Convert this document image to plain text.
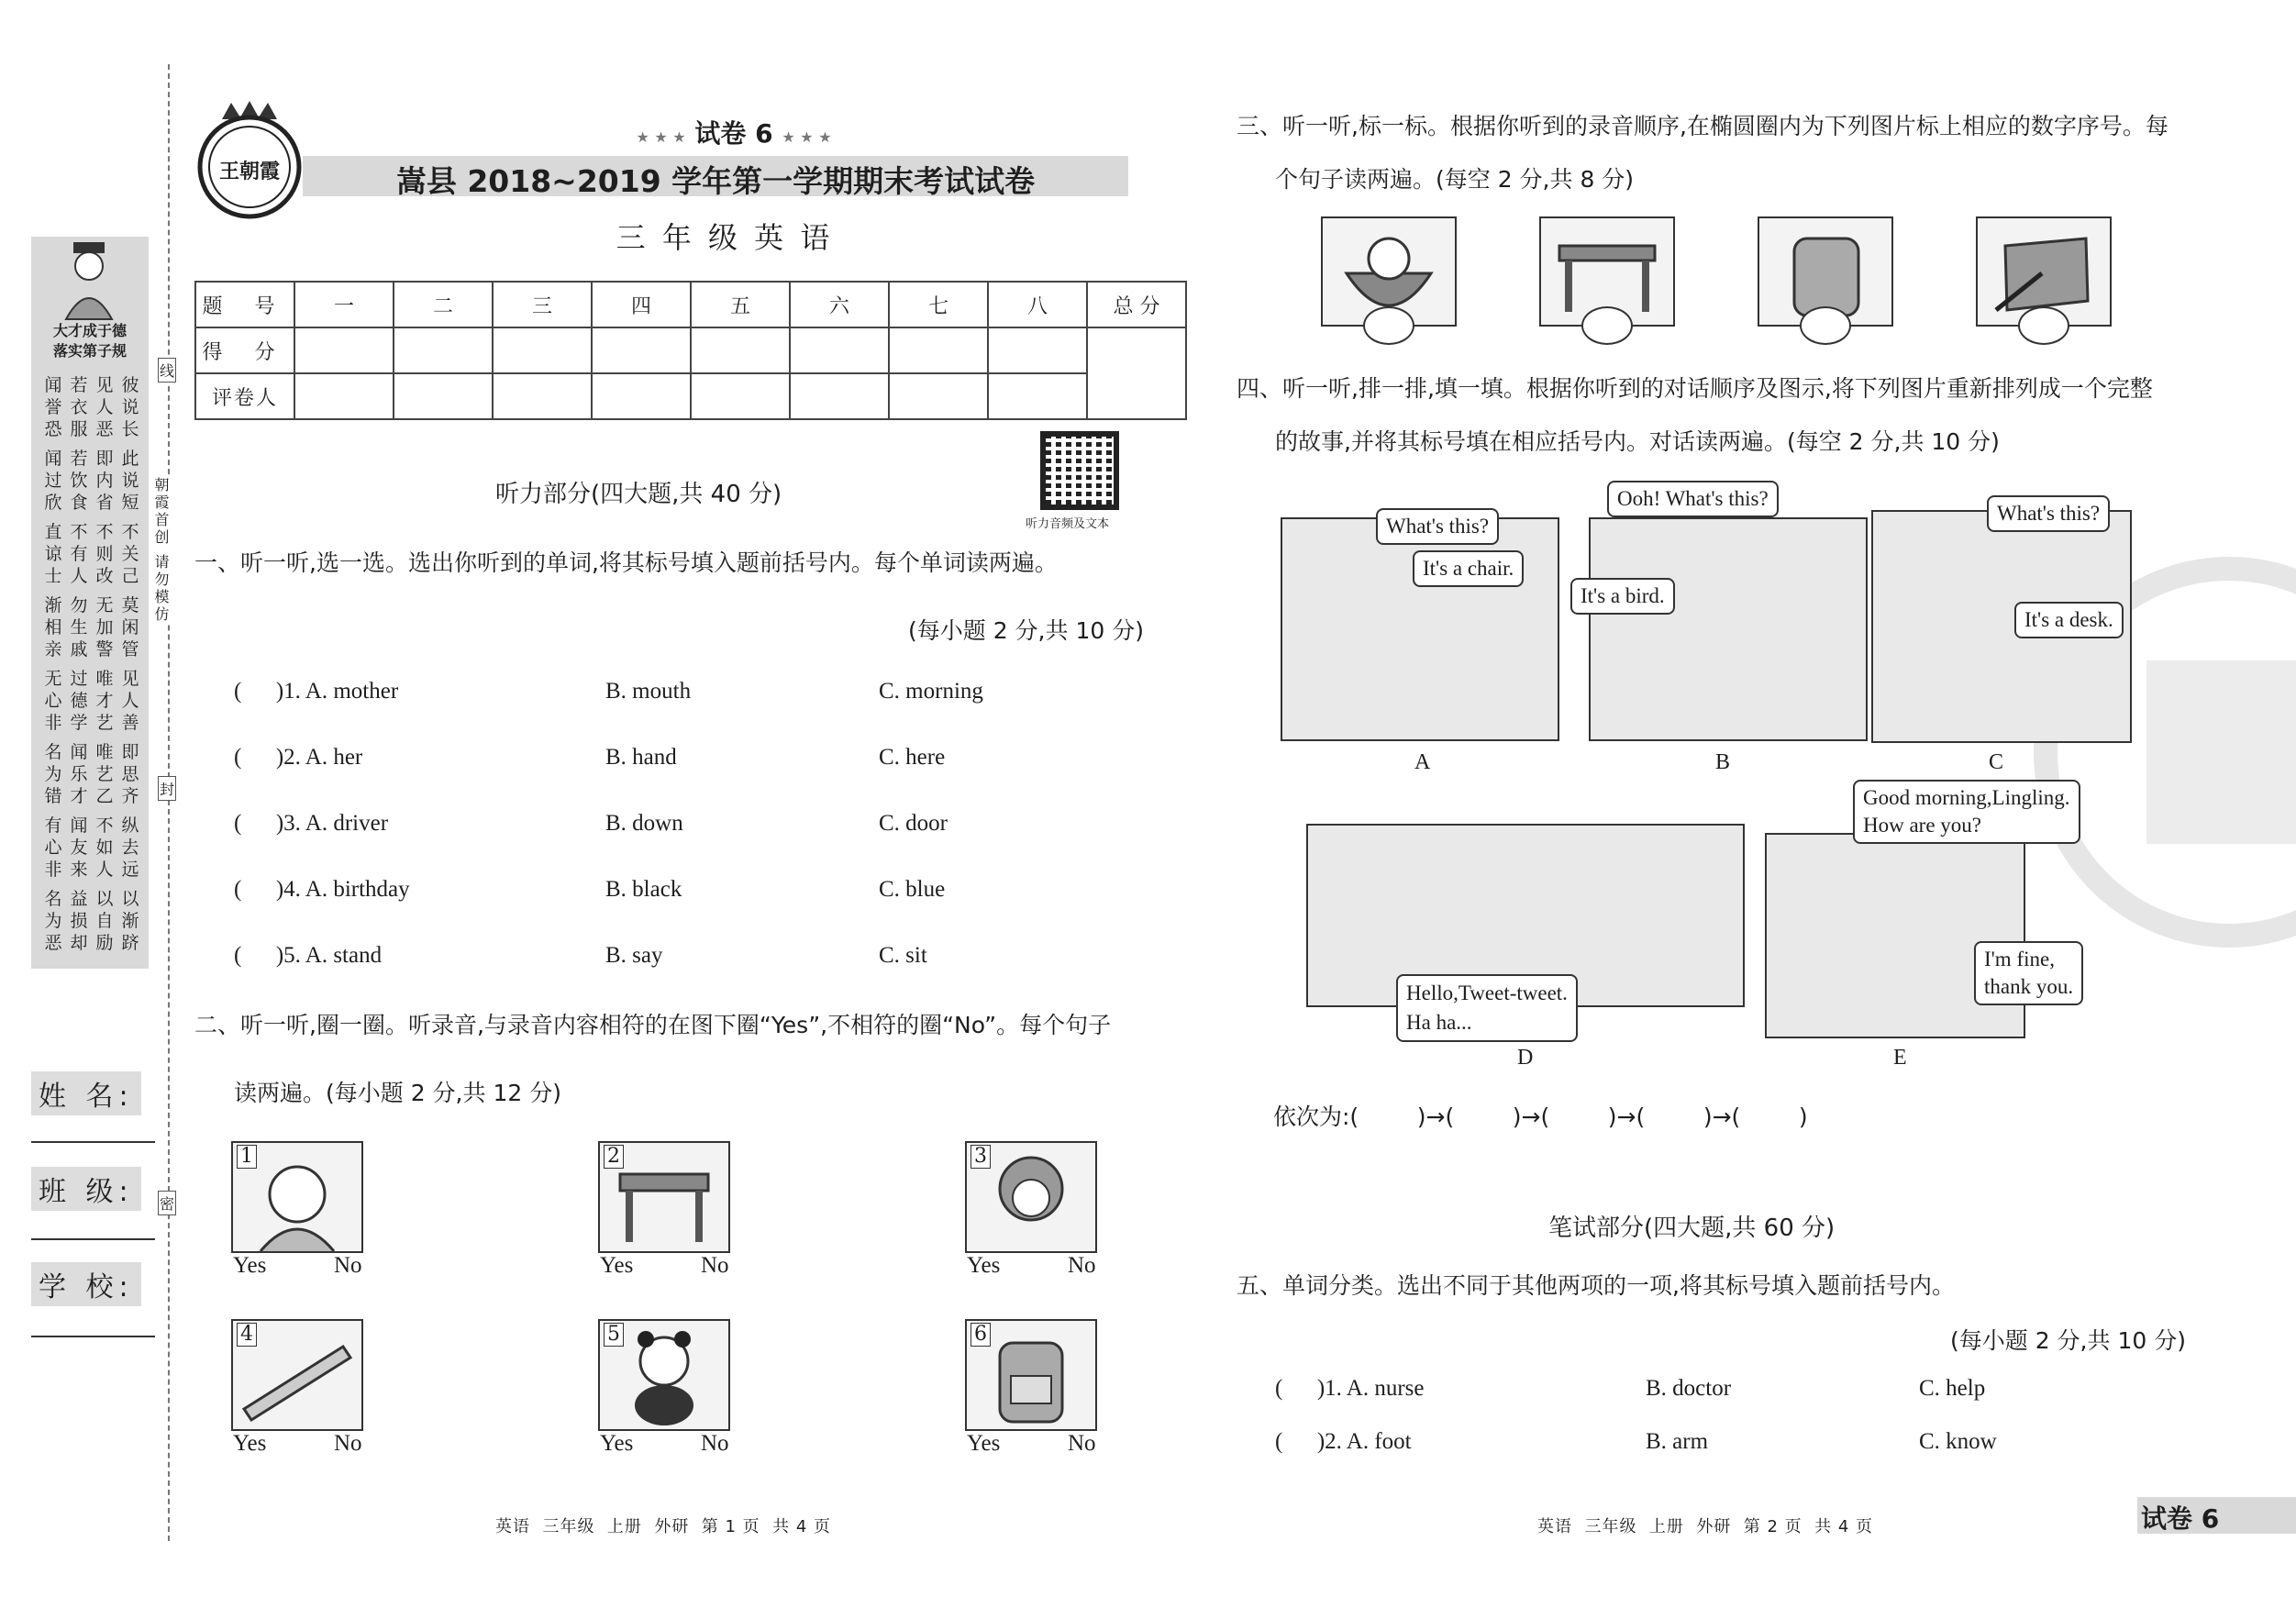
大才成于德
落实第子规
闻誉恐
若衣服
见人恶
彼说长
闻过欣
若饮食
即内省
此说短
直谅士
不有人
不则改
不关己
渐相亲
勿生戚
无加警
莫闲管
无心非
过德学
唯才艺
见人善
名为错
闻乐才
唯艺乙
即思齐
有心非
闻友来
不如人
纵去远
名为恶
益损却
以自励
以渐跻
朝霞首创 请勿模仿
线
封
密
姓 名:
班 级:
学 校:
王朝霞
★ ★ ★ 试卷 6 ★ ★ ★
嵩县 2018~2019 学年第一学期期末考试试卷
三 年 级 英 语
题 号	一	二	三	四	五	六	七	八	总 分
得 分									
评卷人									
听力音频及文本
听力部分(四大题,共 40 分)
一、听一听,选一选。选出你听到的单词,将其标号填入题前括号内。每个单词读两遍。
(每小题 2 分,共 10 分)
(      )1. A. mother	B. mouth	C. morning
(      )2. A. her	B. hand	C. here
(      )3. A. driver	B. down	C. door
(      )4. A. birthday	B. black	C. blue
(      )5. A. stand	B. say	C. sit
二、听一听,圈一圈。听录音,与录音内容相符的在图下圈“Yes”,不相符的圈“No”。每个句子
读两遍。(每小题 2 分,共 12 分)
1
Yes	No
2
Yes	No
3
Yes	No
4
Yes	No
5
Yes	No
6
Yes	No
英语  三年级  上册  外研  第 1 页  共 4 页
三、听一听,标一标。根据你听到的录音顺序,在椭圆圈内为下列图片标上相应的数字序号。每
个句子读两遍。(每空 2 分,共 8 分)
四、听一听,排一排,填一填。根据你听到的对话顺序及图示,将下列图片重新排列成一个完整
的故事,并将其标号填在相应括号内。对话读两遍。(每空 2 分,共 10 分)
What's this?
It's a chair.
A
Ooh! What's this?
It's a bird.
B
What's this?
It's a desk.
C
Hello,Tweet-tweet.
Ha ha...
D
Good morning,Lingling.
How are you?
I'm fine,
thank you.
E
依次为:(        )→(        )→(        )→(        )→(        )
笔试部分(四大题,共 60 分)
五、单词分类。选出不同于其他两项的一项,将其标号填入题前括号内。
(每小题 2 分,共 10 分)
(      )1. A. nurse	B. doctor	C. help
(      )2. A. foot	B. arm	C. know
英语  三年级  上册  外研  第 2 页  共 4 页	试卷 6
